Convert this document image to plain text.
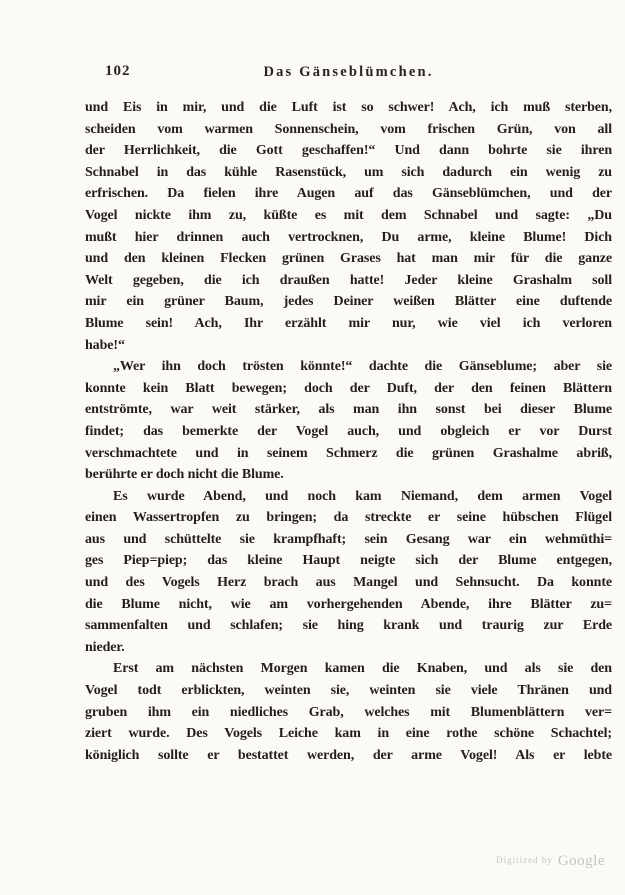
102	Das Gänseblümchen.
und Eis in mir, und die Luft ist so schwer! Ach, ich muß sterben,
scheiden vom warmen Sonnenschein, vom frischen Grün, von all
der Herrlichkeit, die Gott geschaffen!“ Und dann bohrte sie ihren
Schnabel in das kühle Rasenstück, um sich dadurch ein wenig zu
erfrischen. Da fielen ihre Augen auf das Gänseblümchen, und der
Vogel nickte ihm zu, küßte es mit dem Schnabel und sagte: „Du
mußt hier drinnen auch vertrocknen, Du arme, kleine Blume! Dich
und den kleinen Flecken grünen Grases hat man mir für die ganze
Welt gegeben, die ich draußen hatte! Jeder kleine Grashalm soll
mir ein grüner Baum, jedes Deiner weißen Blätter eine duftende
Blume sein! Ach, Ihr erzählt mir nur, wie viel ich verloren
habe!“
„Wer ihn doch trösten könnte!“ dachte die Gänseblume; aber sie
konnte kein Blatt bewegen; doch der Duft, der den feinen Blättern
entströmte, war weit stärker, als man ihn sonst bei dieser Blume
findet; das bemerkte der Vogel auch, und obgleich er vor Durst
verschmachtete und in seinem Schmerz die grünen Grashalme abriß,
berührte er doch nicht die Blume.
Es wurde Abend, und noch kam Niemand, dem armen Vogel
einen Wassertropfen zu bringen; da streckte er seine hübschen Flügel
aus und schüttelte sie krampfhaft; sein Gesang war ein wehmüthi=
ges Piep=piep; das kleine Haupt neigte sich der Blume entgegen,
und des Vogels Herz brach aus Mangel und Sehnsucht. Da konnte
die Blume nicht, wie am vorhergehenden Abende, ihre Blätter zu=
sammenfalten und schlafen; sie hing krank und traurig zur Erde
nieder.
Erst am nächsten Morgen kamen die Knaben, und als sie den
Vogel todt erblickten, weinten sie, weinten sie viele Thränen und
gruben ihm ein niedliches Grab, welches mit Blumenblättern ver=
ziert wurde. Des Vogels Leiche kam in eine rothe schöne Schachtel;
königlich sollte er bestattet werden, der arme Vogel! Als er lebte
Digitized by Google
